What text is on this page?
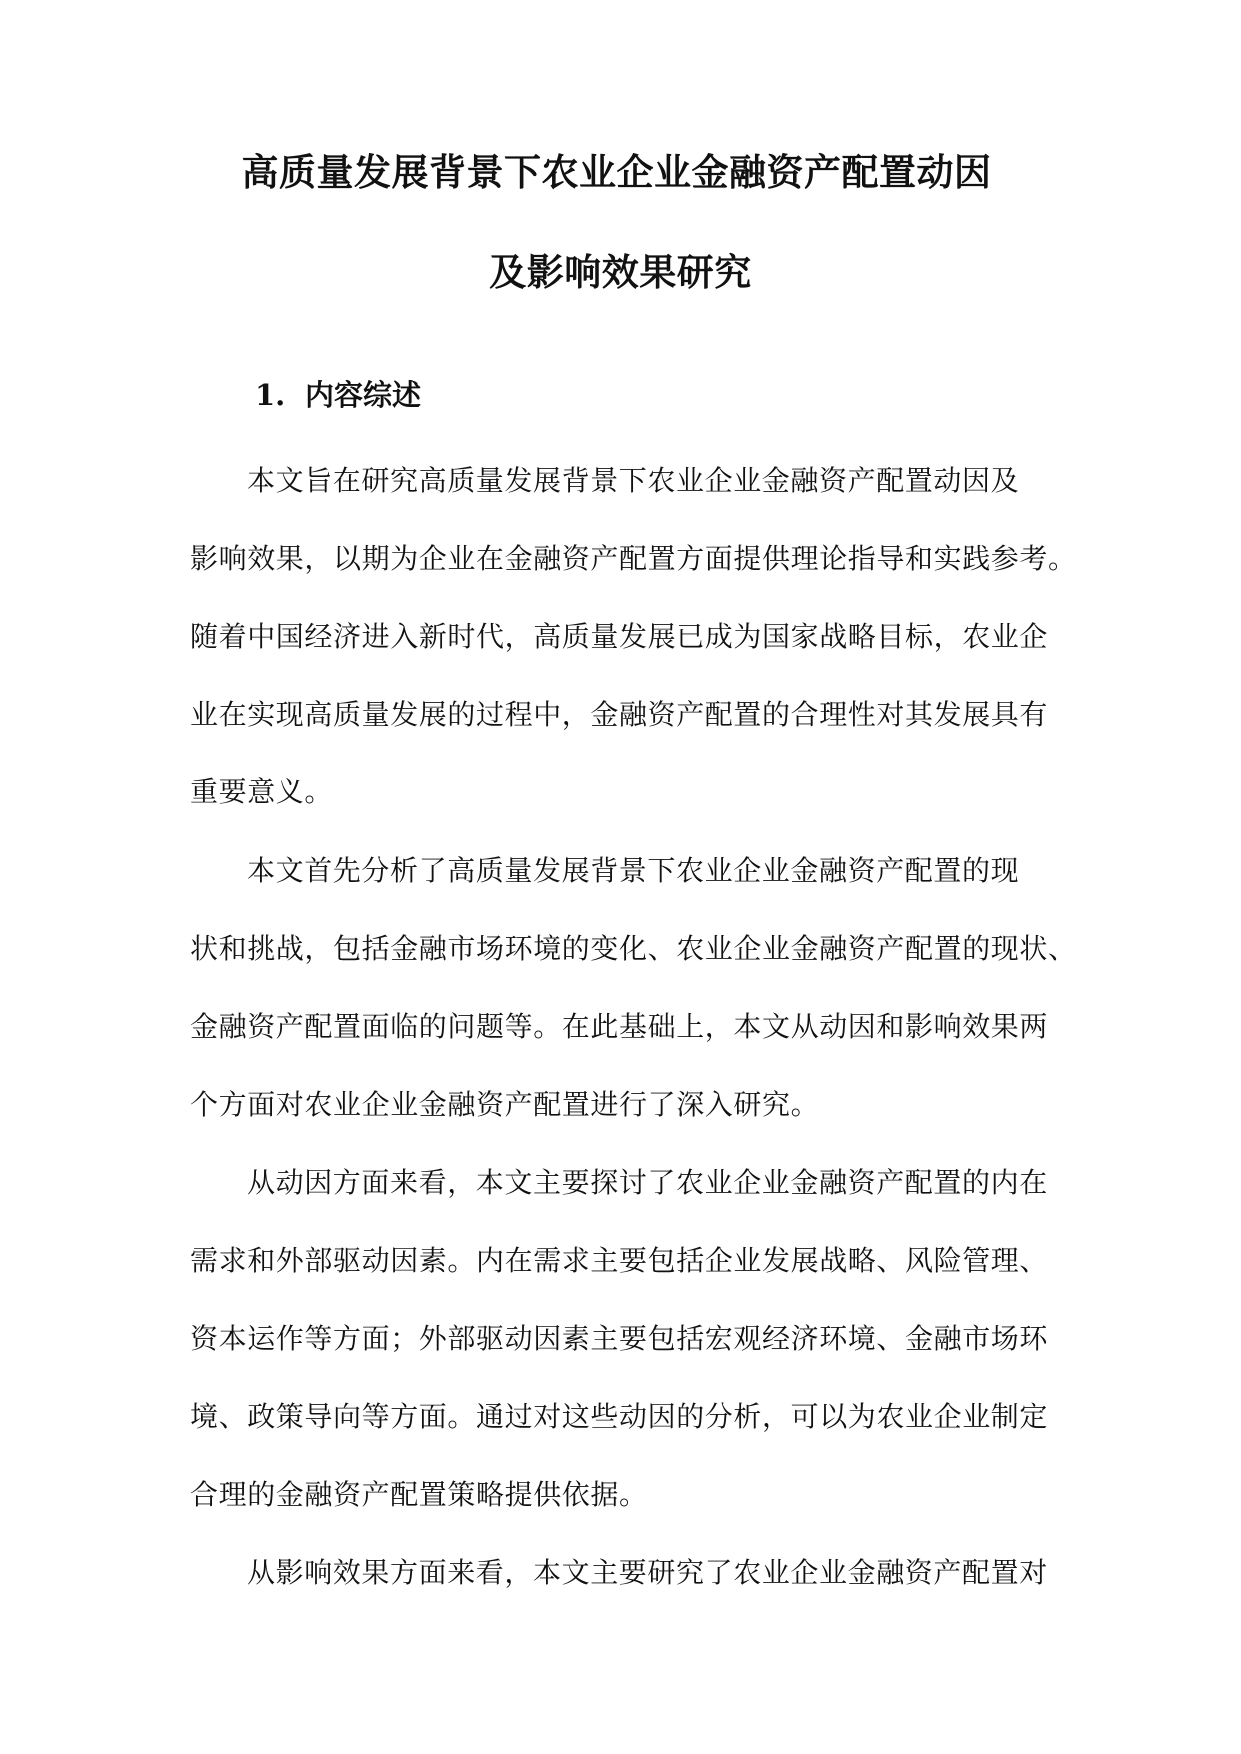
高质量发展背景下农业企业金融资产配置动因
及影响效果研究
1. 内容综述
本文旨在研究高质量发展背景下农业企业金融资产配置动因及
影响效果，以期为企业在金融资产配置方面提供理论指导和实践参考。
随着中国经济进入新时代，高质量发展已成为国家战略目标，农业企
业在实现高质量发展的过程中，金融资产配置的合理性对其发展具有
重要意义。
本文首先分析了高质量发展背景下农业企业金融资产配置的现
状和挑战，包括金融市场环境的变化、农业企业金融资产配置的现状、
金融资产配置面临的问题等。在此基础上，本文从动因和影响效果两
个方面对农业企业金融资产配置进行了深入研究。
从动因方面来看，本文主要探讨了农业企业金融资产配置的内在
需求和外部驱动因素。内在需求主要包括企业发展战略、风险管理、
资本运作等方面；外部驱动因素主要包括宏观经济环境、金融市场环
境、政策导向等方面。通过对这些动因的分析，可以为农业企业制定
合理的金融资产配置策略提供依据。
从影响效果方面来看，本文主要研究了农业企业金融资产配置对
